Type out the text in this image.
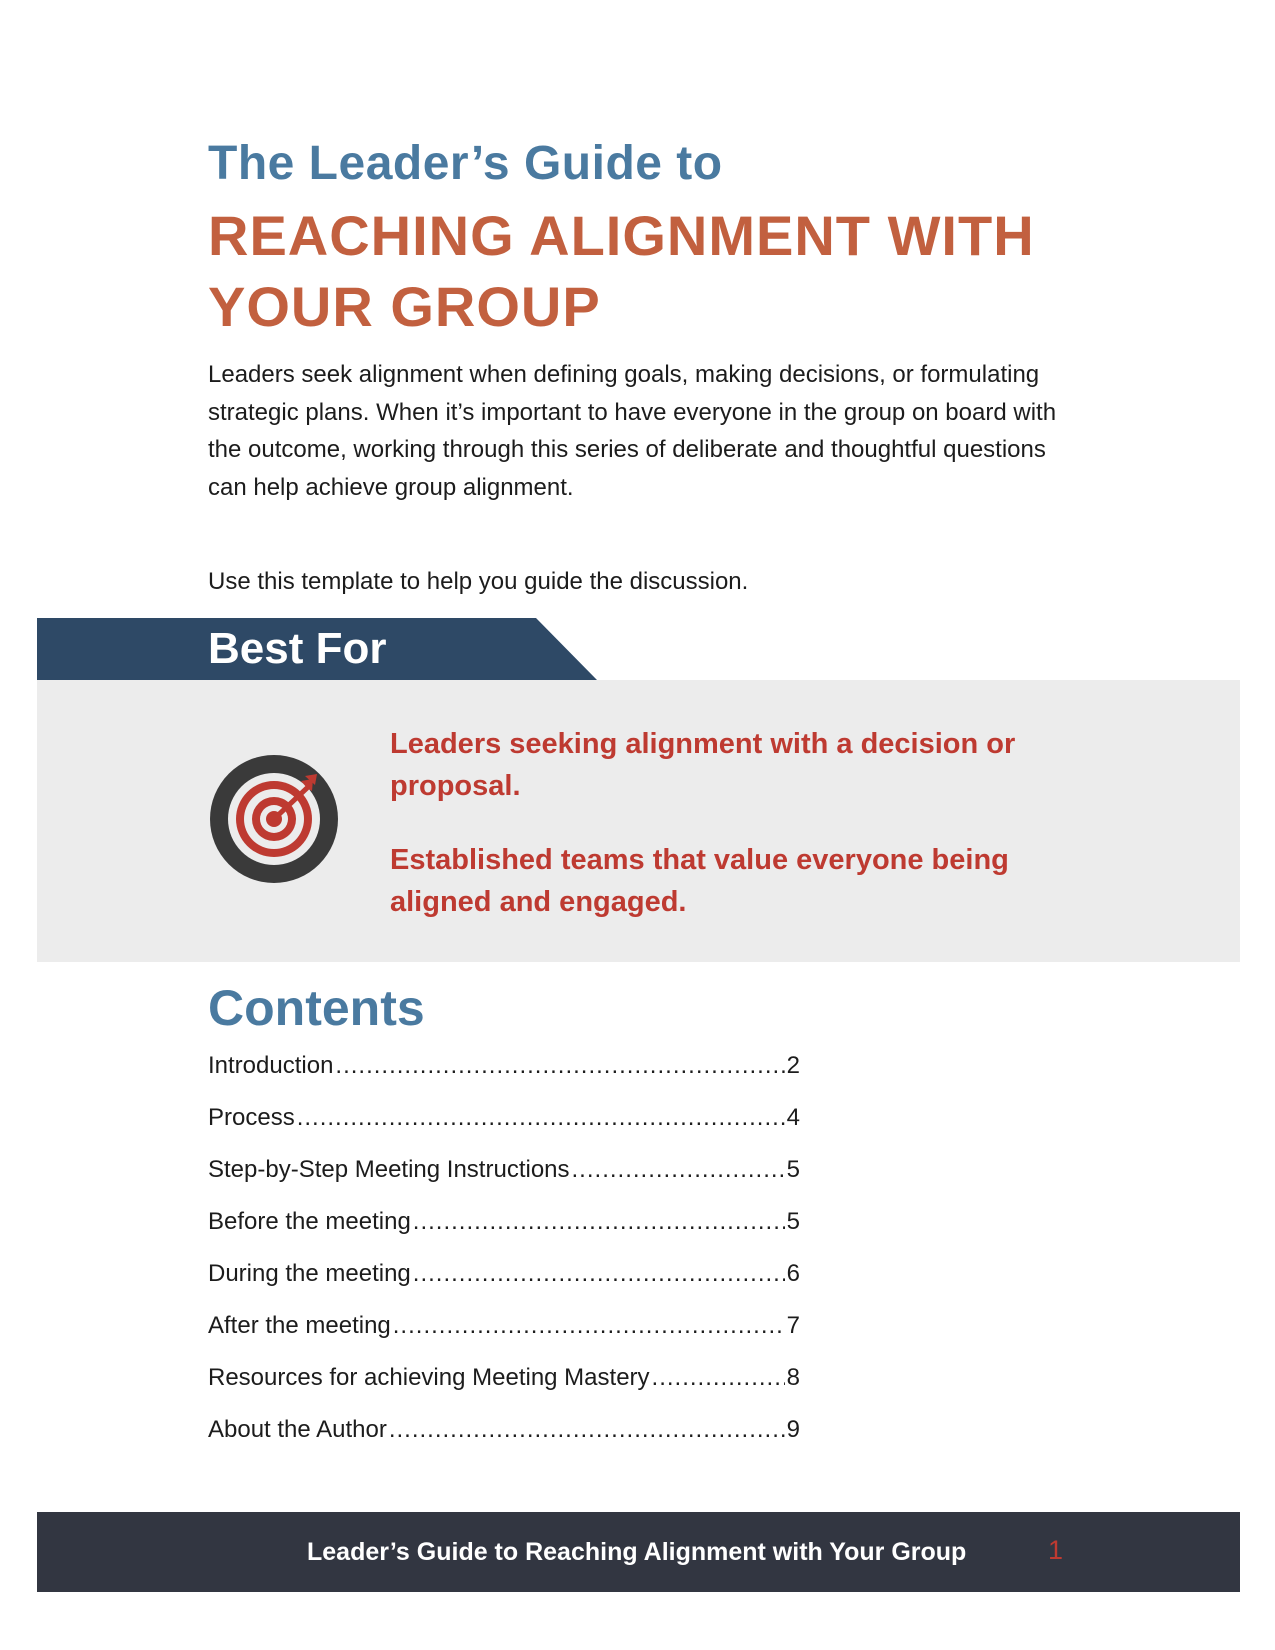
The Leader’s Guide to
REACHING ALIGNMENT WITH YOUR GROUP

Leaders seek alignment when defining goals, making decisions, or formulating strategic plans. When it’s important to have everyone in the group on board with the outcome, working through this series of deliberate and thoughtful questions can help achieve group alignment.

Use this template to help you guide the discussion.

Best For

Leaders seeking alignment with a decision or proposal.

Established teams that value everyone being aligned and engaged.

Contents
Introduction .....	2
Process .....	4
Step-by-Step Meeting Instructions .....	5
Before the meeting .....	5
During the meeting .....	6
After the meeting .....	7
Resources for achieving Meeting Mastery .....	8
About the Author .....	9
Leader’s Guide to Reaching Alignment with Your Group	1
